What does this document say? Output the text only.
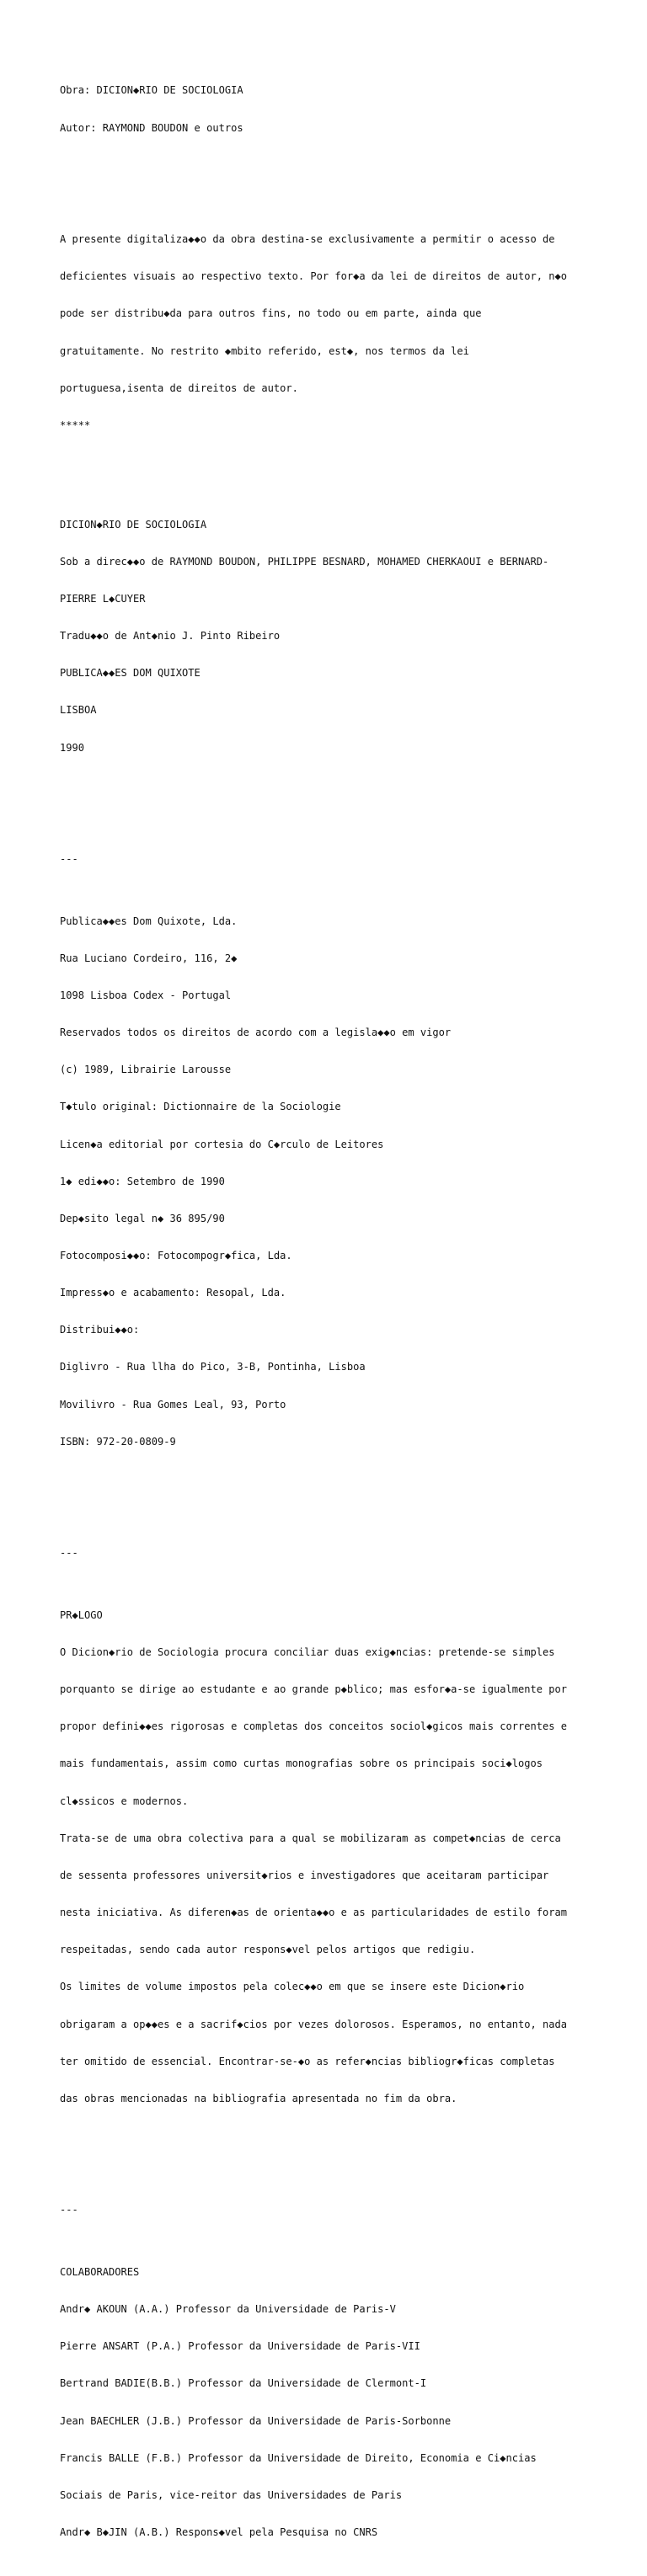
Obra: DICION◆RIO DE SOCIOLOGIA

Autor: RAYMOND BOUDON e outros

A presente digitaliza◆◆o da obra destina-se exclusivamente a permitir o acesso de

deficientes visuais ao respectivo texto. Por for◆a da lei de direitos de autor, n◆o

pode ser distribu◆da para outros fins, no todo ou em parte, ainda que

gratuitamente. No restrito ◆mbito referido, est◆, nos termos da lei

portuguesa,isenta de direitos de autor.

*****

DICION◆RIO DE SOCIOLOGIA

Sob a direc◆◆o de RAYMOND BOUDON, PHILIPPE BESNARD, MOHAMED CHERKAOUI e BERNARD-

PIERRE L◆CUYER

Tradu◆◆o de Ant◆nio J. Pinto Ribeiro

PUBLICA◆◆ES DOM QUIXOTE

LISBOA

1990

---

Publica◆◆es Dom Quixote, Lda.

Rua Luciano Cordeiro, 116, 2◆

1098 Lisboa Codex - Portugal

Reservados todos os direitos de acordo com a legisla◆◆o em vigor

(c) 1989, Librairie Larousse

T◆tulo original: Dictionnaire de la Sociologie

Licen◆a editorial por cortesia do C◆rculo de Leitores

1◆ edi◆◆o: Setembro de 1990

Dep◆sito legal n◆ 36 895/90

Fotocomposi◆◆o: Fotocompogr◆fica, Lda.

Impress◆o e acabamento: Resopal, Lda.

Distribui◆◆o:

Diglivro - Rua llha do Pico, 3-B, Pontinha, Lisboa

Movilivro - Rua Gomes Leal, 93, Porto

ISBN: 972-20-0809-9

---

PR◆LOGO

O Dicion◆rio de Sociologia procura conciliar duas exig◆ncias: pretende-se simples

porquanto se dirige ao estudante e ao grande p◆blico; mas esfor◆a-se igualmente por

propor defini◆◆es rigorosas e completas dos conceitos sociol◆gicos mais correntes e

mais fundamentais, assim como curtas monografias sobre os principais soci◆logos

cl◆ssicos e modernos.

Trata-se de uma obra colectiva para a qual se mobilizaram as compet◆ncias de cerca

de sessenta professores universit◆rios e investigadores que aceitaram participar

nesta iniciativa. As diferen◆as de orienta◆◆o e as particularidades de estilo foram

respeitadas, sendo cada autor respons◆vel pelos artigos que redigiu.

Os limites de volume impostos pela colec◆◆o em que se insere este Dicion◆rio

obrigaram a op◆◆es e a sacrif◆cios por vezes dolorosos. Esperamos, no entanto, nada

ter omitido de essencial. Encontrar-se-◆o as refer◆ncias bibliogr◆ficas completas

das obras mencionadas na bibliografia apresentada no fim da obra.

---

COLABORADORES

Andr◆ AKOUN (A.A.) Professor da Universidade de Paris-V

Pierre ANSART (P.A.) Professor da Universidade de Paris-VII

Bertrand BADIE(B.B.) Professor da Universidade de Clermont-I

Jean BAECHLER (J.B.) Professor da Universidade de Paris-Sorbonne

Francis BALLE (F.B.) Professor da Universidade de Direito, Economia e Ci◆ncias

Sociais de Paris, vice-reitor das Universidades de Paris

Andr◆ B◆JIN (A.B.) Respons◆vel pela Pesquisa no CNRS
